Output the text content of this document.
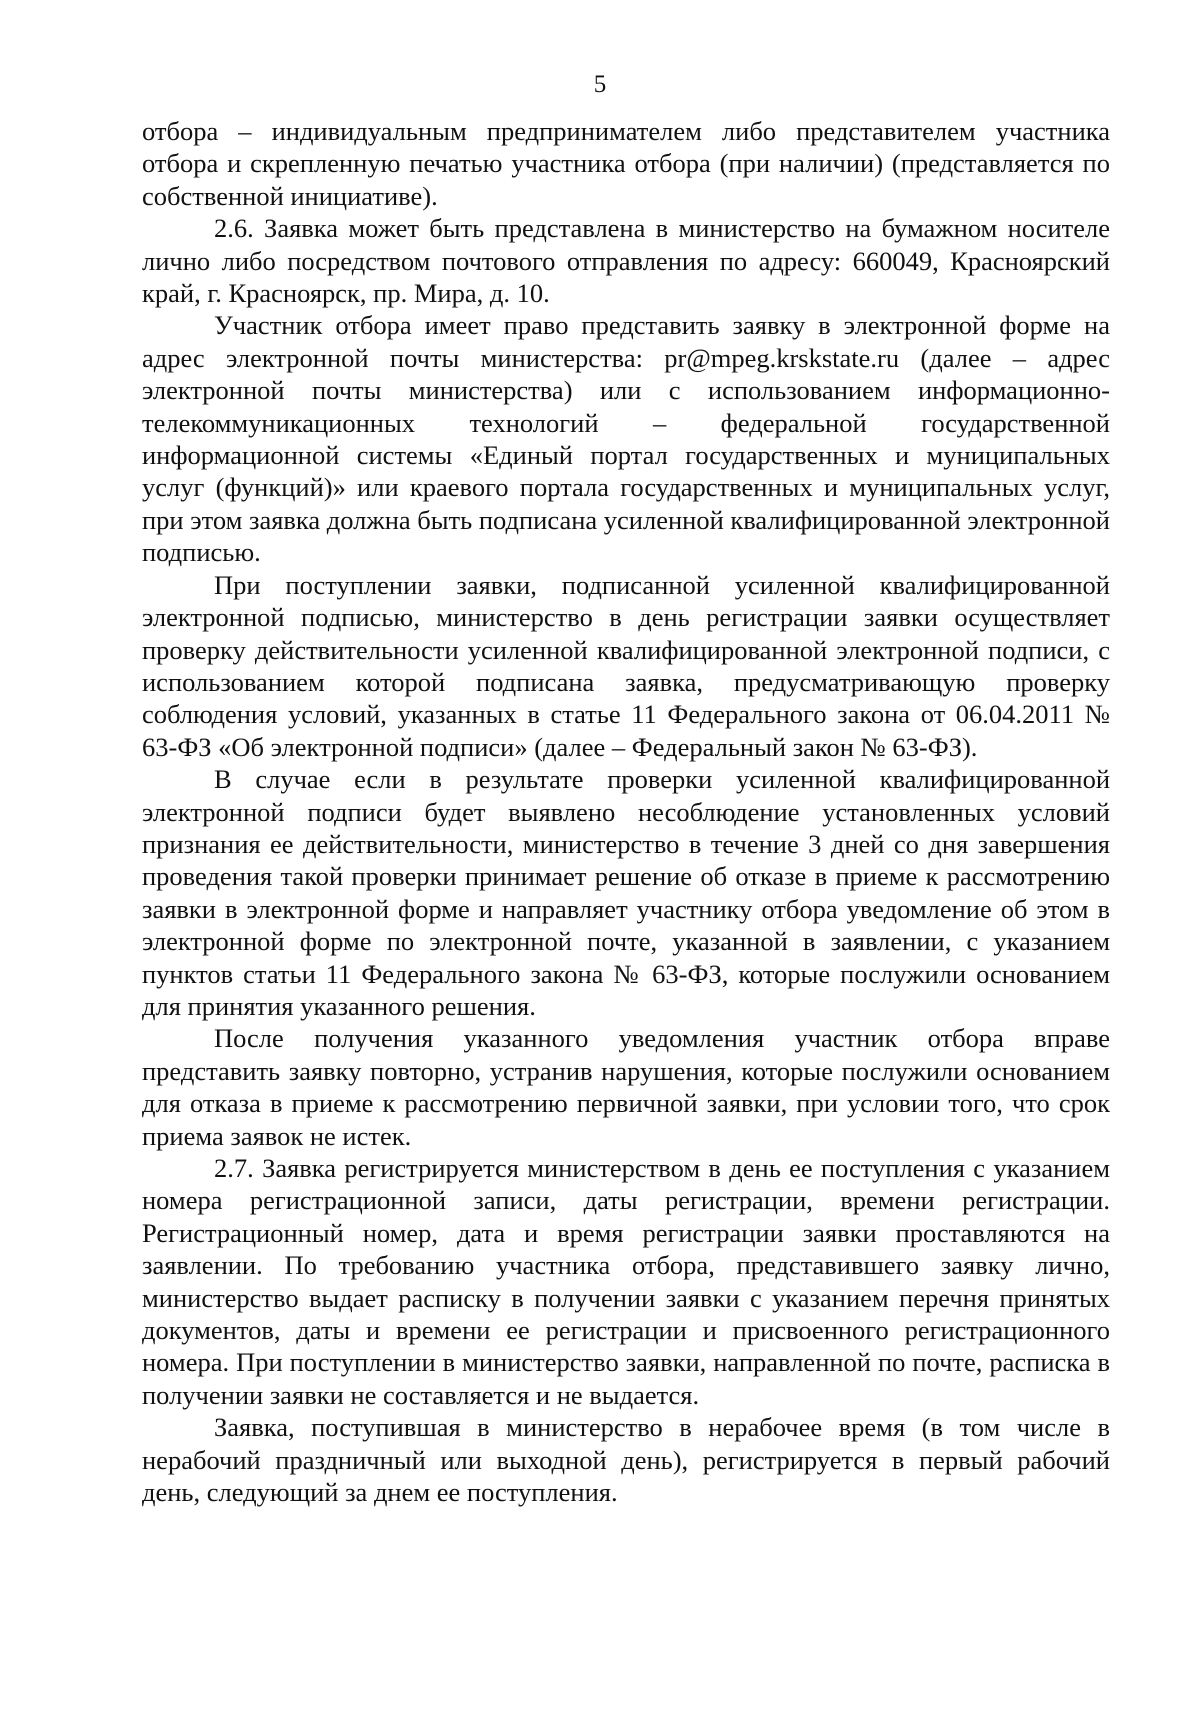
5

отбора – индивидуальным предпринимателем либо представителем участника отбора и скрепленную печатью участника отбора (при наличии) (представляется по собственной инициативе).

2.6. Заявка может быть представлена в министерство на бумажном носителе лично либо посредством почтового отправления по адресу: 660049, Красноярский край, г. Красноярск, пр. Мира, д. 10.

Участник отбора имеет право представить заявку в электронной форме на адрес электронной почты министерства: pr@mpeg.krskstate.ru (далее – адрес электронной почты министерства) или с использованием информационно-телекоммуникационных технологий – федеральной государственной информационной системы «Единый портал государственных и муниципальных услуг (функций)» или краевого портала государственных и муниципальных услуг, при этом заявка должна быть подписана усиленной квалифицированной электронной подписью.

При поступлении заявки, подписанной усиленной квалифицированной электронной подписью, министерство в день регистрации заявки осуществляет проверку действительности усиленной квалифицированной электронной подписи, с использованием которой подписана заявка, предусматривающую проверку соблюдения условий, указанных в статье 11 Федерального закона от 06.04.2011 № 63-ФЗ «Об электронной подписи» (далее – Федеральный закон № 63-ФЗ).

В случае если в результате проверки усиленной квалифицированной электронной подписи будет выявлено несоблюдение установленных условий признания ее действительности, министерство в течение 3 дней со дня завершения проведения такой проверки принимает решение об отказе в приеме к рассмотрению заявки в электронной форме и направляет участнику отбора уведомление об этом в электронной форме по электронной почте, указанной в заявлении, с указанием пунктов статьи 11 Федерального закона № 63-ФЗ, которые послужили основанием для принятия указанного решения.

После получения указанного уведомления участник отбора вправе представить заявку повторно, устранив нарушения, которые послужили основанием для отказа в приеме к рассмотрению первичной заявки, при условии того, что срок приема заявок не истек.

2.7. Заявка регистрируется министерством в день ее поступления с указанием номера регистрационной записи, даты регистрации, времени регистрации. Регистрационный номер, дата и время регистрации заявки проставляются на заявлении. По требованию участника отбора, представившего заявку лично, министерство выдает расписку в получении заявки с указанием перечня принятых документов, даты и времени ее регистрации и присвоенного регистрационного номера. При поступлении в министерство заявки, направленной по почте, расписка в получении заявки не составляется и не выдается.

Заявка, поступившая в министерство в нерабочее время (в том числе в нерабочий праздничный или выходной день), регистрируется в первый рабочий день, следующий за днем ее поступления.
